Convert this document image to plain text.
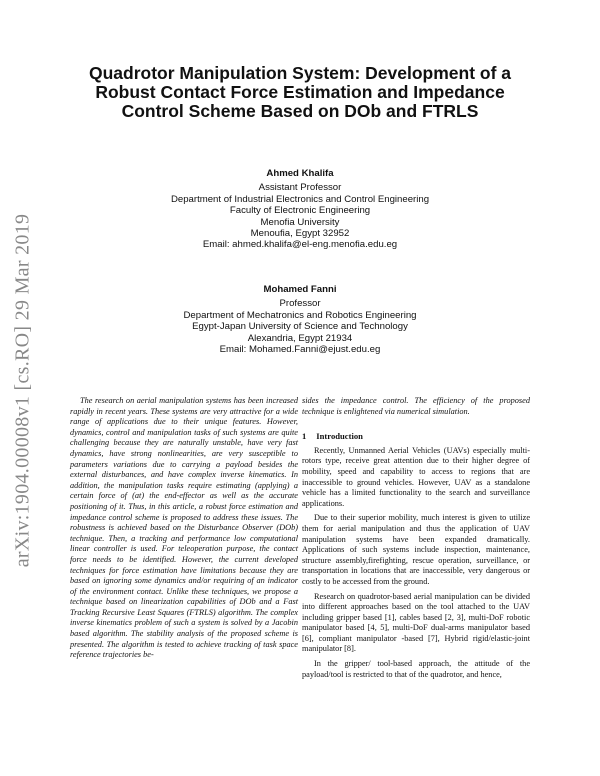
arXiv:1904.00008v1 [cs.RO] 29 Mar 2019
Quadrotor Manipulation System: Development of a Robust Contact Force Estimation and Impedance Control Scheme Based on DOb and FTRLS
Ahmed Khalifa
Assistant Professor
Department of Industrial Electronics and Control Engineering
Faculty of Electronic Engineering
Menofia University
Menoufia, Egypt 32952
Email: ahmed.khalifa@el-eng.menofia.edu.eg
Mohamed Fanni
Professor
Department of Mechatronics and Robotics Engineering
Egypt-Japan University of Science and Technology
Alexandria, Egypt 21934
Email: Mohamed.Fanni@ejust.edu.eg

The research on aerial manipulation systems has been increased rapidly in recent years. These systems are very attractive for a wide range of applications due to their unique features. However, dynamics, control and manipulation tasks of such systems are quite challenging because they are naturally unstable, have very fast dynamics, have strong nonlinearities, are very susceptible to parameters variations due to carrying a payload besides the external disturbances, and have complex inverse kinematics. In addition, the manipulation tasks require estimating (applying) a certain force of (at) the end-effector as well as the accurate positioning of it. Thus, in this article, a robust force estimation and impedance control scheme is proposed to address these issues. The robustness is achieved based on the Disturbance Observer (DOb) technique. Then, a tracking and performance low computational linear controller is used. For teleoperation purpose, the contact force needs to be identified. However, the current developed techniques for force estimation have limitations because they are based on ignoring some dynamics and/or requiring of an indicator of the environment contact. Unlike these techniques, we propose a technique based on linearization capabilities of DOb and a Fast Tracking Recursive Least Squares (FTRLS) algorithm. The complex inverse kinematics problem of such a system is solved by a Jacobin based algorithm. The stability analysis of the proposed scheme is presented. The algorithm is tested to achieve tracking of task space reference trajectories be-

sides the impedance control. The efficiency of the proposed technique is enlightened via numerical simulation.

1 Introduction

Recently, Unmanned Aerial Vehicles (UAVs) especially multi-rotors type, receive great attention due to their higher degree of mobility, speed and capability to access to regions that are inaccessible to ground vehicles. However, UAV as a standalone vehicle has a limited functionality to the search and surveillance applications.

Due to their superior mobility, much interest is given to utilize them for aerial manipulation and thus the application of UAV manipulation systems have been expanded dramatically. Applications of such systems include inspection, maintenance, structure assembly,firefighting, rescue operation, surveillance, or transportation in locations that are inaccessible, very dangerous or costly to be accessed from the ground.

Research on quadrotor-based aerial manipulation can be divided into different approaches based on the tool attached to the UAV including gripper based [1], cables based [2, 3], multi-DoF robotic manipulator based [4, 5], multi-DoF dual-arms manipulator based [6], compliant manipulator -based [7], Hybrid rigid/elastic-joint manipulator [8].

In the gripper/ tool-based approach, the attitude of the payload/tool is restricted to that of the quadrotor, and hence,
